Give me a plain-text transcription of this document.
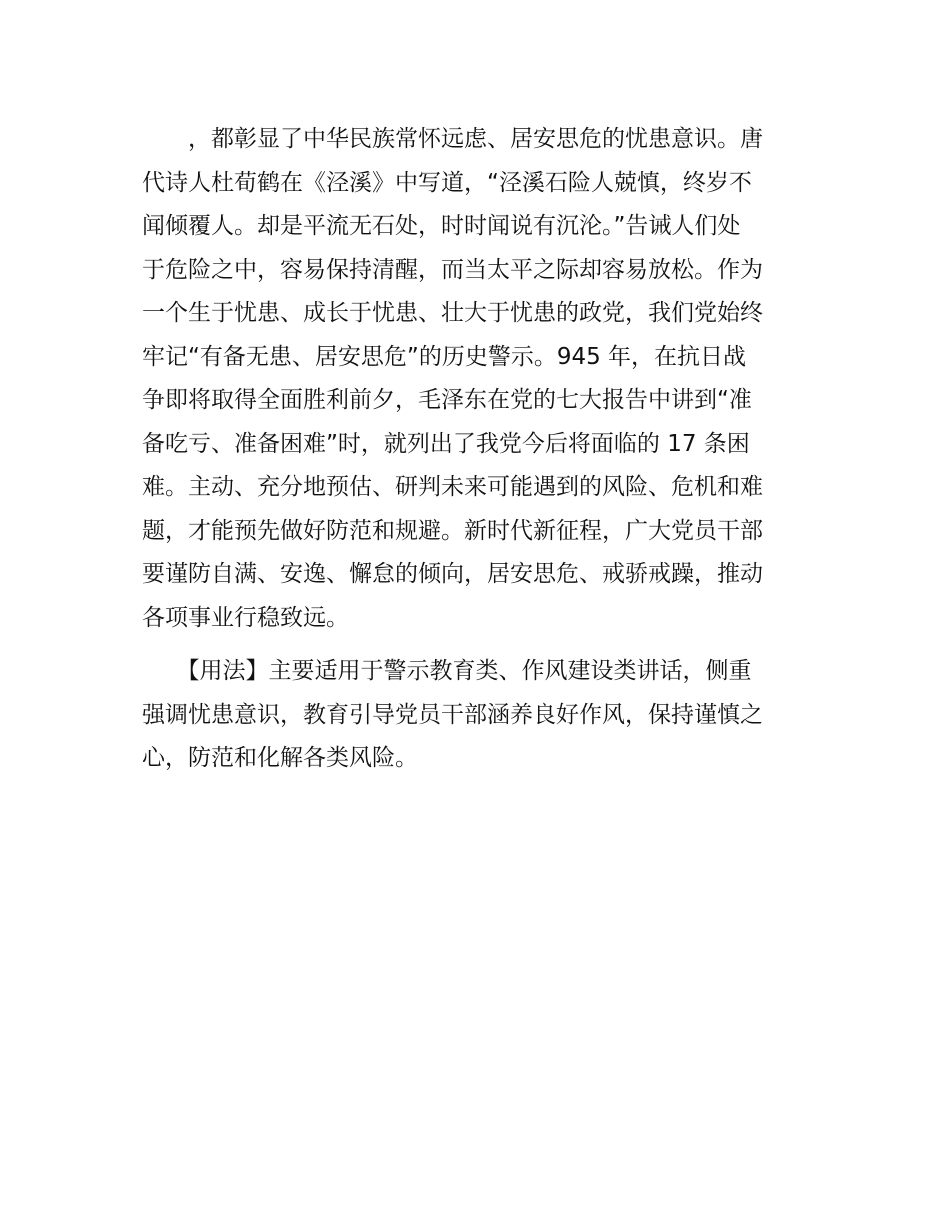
　　，都彰显了中华民族常怀远虑、居安思危的忧患意识。唐
代诗人杜荀鹤在《泾溪》中写道，“泾溪石险人兢慎，终岁不
闻倾覆人。却是平流无石处，时时闻说有沉沦。”告诫人们处
于危险之中，容易保持清醒，而当太平之际却容易放松。作为
一个生于忧患、成长于忧患、壮大于忧患的政党，我们党始终
牢记“有备无患、居安思危”的历史警示。945 年，在抗日战
争即将取得全面胜利前夕，毛泽东在党的七大报告中讲到“准
备吃亏、准备困难”时，就列出了我党今后将面临的 17 条困
难。主动、充分地预估、研判未来可能遇到的风险、危机和难
题，才能预先做好防范和规避。新时代新征程，广大党员干部
要谨防自满、安逸、懈怠的倾向，居安思危、戒骄戒躁，推动
各项事业行稳致远。

　　【用法】主要适用于警示教育类、作风建设类讲话，侧重
强调忧患意识，教育引导党员干部涵养良好作风，保持谨慎之
心，防范和化解各类风险。
